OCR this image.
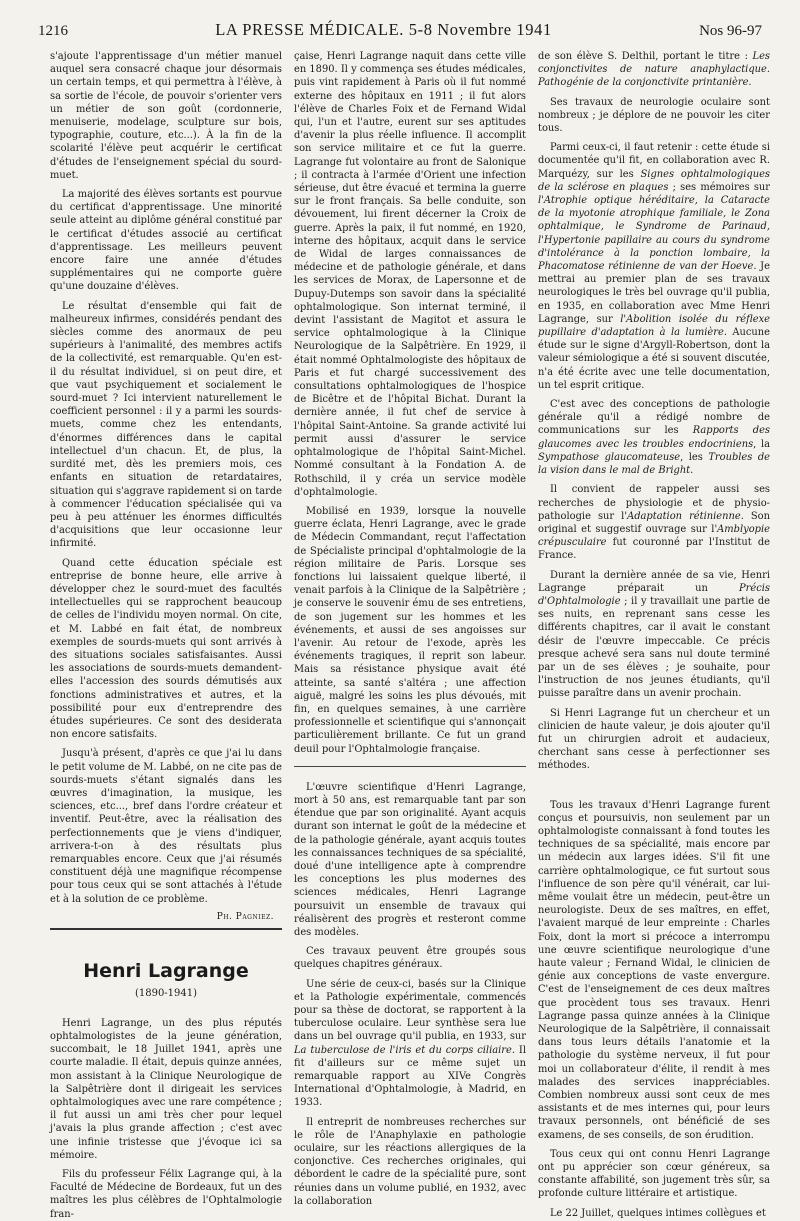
1216	LA PRESSE MÉDICALE. 5-8 Novembre 1941	Nos 96-97

s'ajoute l'apprentissage d'un métier manuel auquel sera consacré chaque jour désormais un certain temps, et qui permettra à l'élève, à sa sortie de l'école, de pouvoir s'orienter vers un métier de son goût (cordonnerie, menuiserie, modelage, sculpture sur bois, typographie, couture, etc...). À la fin de la scolarité l'élève peut acquérir le certificat d'études de l'enseignement spécial du sourd-muet.

La majorité des élèves sortants est pourvue du certificat d'apprentissage. Une minorité seule atteint au diplôme général constitué par le certificat d'études associé au certificat d'apprentissage. Les meilleurs peuvent encore faire une année d'études supplémentaires qui ne comporte guère qu'une douzaine d'élèves.

Le résultat d'ensemble qui fait de malheureux infirmes, considérés pendant des siècles comme des anormaux de peu supérieurs à l'animalité, des membres actifs de la collectivité, est remarquable. Qu'en est-il du résultat individuel, si on peut dire, et que vaut psychiquement et socialement le sourd-muet ? Ici intervient naturellement le coefficient personnel : il y a parmi les sourds-muets, comme chez les entendants, d'énormes différences dans le capital intellectuel d'un chacun. Et, de plus, la surdité met, dès les premiers mois, ces enfants en situation de retardataires, situation qui s'aggrave rapidement si on tarde à commencer l'éducation spécialisée qui va peu à peu atténuer les énormes difficultés d'acquisitions que leur occasionne leur infirmité.

Quand cette éducation spéciale est entreprise de bonne heure, elle arrive à développer chez le sourd-muet des facultés intellectuelles qui se rapprochent beaucoup de celles de l'individu moyen normal. On cite, et M. Labbé en fait état, de nombreux exemples de sourds-muets qui sont arrivés à des situations sociales satisfaisantes. Aussi les associations de sourds-muets demandent-elles l'accession des sourds démutisés aux fonctions administratives et autres, et la possibilité pour eux d'entreprendre des études supérieures. Ce sont des desiderata non encore satisfaits.

Jusqu'à présent, d'après ce que j'ai lu dans le petit volume de M. Labbé, on ne cite pas de sourds-muets s'étant signalés dans les œuvres d'imagination, la musique, les sciences, etc..., bref dans l'ordre créateur et inventif. Peut-être, avec la réalisation des perfectionnements que je viens d'indiquer, arrivera-t-on à des résultats plus remarquables encore. Ceux que j'ai résumés constituent déjà une magnifique récompense pour tous ceux qui se sont attachés à l'étude et à la solution de ce problème.

Ph. Pagniez.
Henri Lagrange
(1890-1941)

Henri Lagrange, un des plus réputés ophtalmologistes de la jeune génération, succombait, le 18 Juillet 1941, après une courte maladie. Il était, depuis quinze années, mon assistant à la Clinique Neurologique de la Salpêtrière dont il dirigeait les services ophtalmologiques avec une rare compétence ; il fut aussi un ami très cher pour lequel j'avais la plus grande affection ; c'est avec une infinie tristesse que j'évoque ici sa mémoire.

Fils du professeur Félix Lagrange qui, à la Faculté de Médecine de Bordeaux, fut un des maîtres les plus célèbres de l'Ophtalmologie fran-

çaise, Henri Lagrange naquit dans cette ville en 1890. Il y commença ses études médicales, puis vint rapidement à Paris où il fut nommé externe des hôpitaux en 1911 ; il fut alors l'élève de Charles Foix et de Fernand Widal qui, l'un et l'autre, eurent sur ses aptitudes d'avenir la plus réelle influence. Il accomplit son service militaire et ce fut la guerre. Lagrange fut volontaire au front de Salonique ; il contracta à l'armée d'Orient une infection sérieuse, dut être évacué et termina la guerre sur le front français. Sa belle conduite, son dévouement, lui firent décerner la Croix de guerre. Après la paix, il fut nommé, en 1920, interne des hôpitaux, acquit dans le service de Widal de larges connaissances de médecine et de pathologie générale, et dans les services de Morax, de Lapersonne et de Dupuy-Dutemps son savoir dans la spécialité ophtalmologique. Son internat terminé, il devint l'assistant de Magitot et assura le service ophtalmologique à la Clinique Neurologique de la Salpêtrière. En 1929, il était nommé Ophtalmologiste des hôpitaux de Paris et fut chargé successivement des consultations ophtalmologiques de l'hospice de Bicêtre et de l'hôpital Bichat. Durant la dernière année, il fut chef de service à l'hôpital Saint-Antoine. Sa grande activité lui permit aussi d'assurer le service ophtalmologique de l'hôpital Saint-Michel. Nommé consultant à la Fondation A. de Rothschild, il y créa un service modèle d'ophtalmologie.

Mobilisé en 1939, lorsque la nouvelle guerre éclata, Henri Lagrange, avec le grade de Médecin Commandant, reçut l'affectation de Spécialiste principal d'ophtalmologie de la région militaire de Paris. Lorsque ses fonctions lui laissaient quelque liberté, il venait parfois à la Clinique de la Salpêtrière ; je conserve le souvenir ému de ses entretiens, de son jugement sur les hommes et les événements, et aussi de ses angoisses sur l'avenir. Au retour de l'exode, après les événements tragiques, il reprit son labeur. Mais sa résistance physique avait été atteinte, sa santé s'altéra ; une affection aiguë, malgré les soins les plus dévoués, mit fin, en quelques semaines, à une carrière professionnelle et scientifique qui s'annonçait particulièrement brillante. Ce fut un grand deuil pour l'Ophtalmologie française.

L'œuvre scientifique d'Henri Lagrange, mort à 50 ans, est remarquable tant par son étendue que par son originalité. Ayant acquis durant son internat le goût de la médecine et de la pathologie générale, ayant acquis toutes les connaissances techniques de sa spécialité, doué d'une intelligence apte à comprendre les conceptions les plus modernes des sciences médicales, Henri Lagrange poursuivit un ensemble de travaux qui réalisèrent des progrès et resteront comme des modèles.

Ces travaux peuvent être groupés sous quelques chapitres généraux.

Une série de ceux-ci, basés sur la Clinique et la Pathologie expérimentale, commencés pour sa thèse de doctorat, se rapportent à la tuberculose oculaire. Leur synthèse sera lue dans un bel ouvrage qu'il publia, en 1933, sur La tuberculose de l'iris et du corps ciliaire. Il fit d'ailleurs sur ce même sujet un remarquable rapport au XIVe Congrès International d'Ophtalmologie, à Madrid, en 1933.

Il entreprit de nombreuses recherches sur le rôle de l'Anaphylaxie en pathologie oculaire, sur les réactions allergiques de la conjonctive. Ces recherches originales, qui débordent le cadre de la spécialité pure, sont réunies dans un volume publié, en 1932, avec la collaboration

de son élève S. Delthil, portant le titre : Les conjonctivites de nature anaphylactique. Pathogénie de la conjonctivite printanière.

Ses travaux de neurologie oculaire sont nombreux ; je déplore de ne pouvoir les citer tous.

Parmi ceux-ci, il faut retenir : cette étude si documentée qu'il fit, en collaboration avec R. Marquézy, sur les Signes ophtalmologiques de la sclérose en plaques ; ses mémoires sur l'Atrophie optique héréditaire, la Cataracte de la myotonie atrophique familiale, le Zona ophtalmique, le Syndrome de Parinaud, l'Hypertonie papillaire au cours du syndrome d'intolérance à la ponction lombaire, la Phacomatose rétinienne de van der Hoeve. Je mettrai au premier plan de ses travaux neurologiques le très bel ouvrage qu'il publia, en 1935, en collaboration avec Mme Henri Lagrange, sur l'Abolition isolée du réflexe pupillaire d'adaptation à la lumière. Aucune étude sur le signe d'Argyll-Robertson, dont la valeur sémiologique a été si souvent discutée, n'a été écrite avec une telle documentation, un tel esprit critique.

C'est avec des conceptions de pathologie générale qu'il a rédigé nombre de communications sur les Rapports des glaucomes avec les troubles endocriniens, la Sympathose glaucomateuse, les Troubles de la vision dans le mal de Bright.

Il convient de rappeler aussi ses recherches de physiologie et de physio-pathologie sur l'Adaptation rétinienne. Son original et suggestif ouvrage sur l'Amblyopie crépusculaire fut couronné par l'Institut de France.

Durant la dernière année de sa vie, Henri Lagrange préparait un Précis d'Ophtalmologie ; il y travaillait une partie de ses nuits, en reprenant sans cesse les différents chapitres, car il avait le constant désir de l'œuvre impeccable. Ce précis presque achevé sera sans nul doute terminé par un de ses élèves ; je souhaite, pour l'instruction de nos jeunes étudiants, qu'il puisse paraître dans un avenir prochain.

Si Henri Lagrange fut un chercheur et un clinicien de haute valeur, je dois ajouter qu'il fut un chirurgien adroit et audacieux, cherchant sans cesse à perfectionner ses méthodes.

Tous les travaux d'Henri Lagrange furent conçus et poursuivis, non seulement par un ophtalmologiste connaissant à fond toutes les techniques de sa spécialité, mais encore par un médecin aux larges idées. S'il fit une carrière ophtalmologique, ce fut surtout sous l'influence de son père qu'il vénérait, car lui-même voulait être un médecin, peut-être un neurologiste. Deux de ses maîtres, en effet, l'avaient marqué de leur empreinte : Charles Foix, dont la mort si précoce a interrompu une œuvre scientifique neurologique d'une haute valeur ; Fernand Widal, le clinicien de génie aux conceptions de vaste envergure. C'est de l'enseignement de ces deux maîtres que procèdent tous ses travaux. Henri Lagrange passa quinze années à la Clinique Neurologique de la Salpêtrière, il connaissait dans tous leurs détails l'anatomie et la pathologie du système nerveux, il fut pour moi un collaborateur d'élite, il rendit à mes malades des services inappréciables. Combien nombreux aussi sont ceux de mes assistants et de mes internes qui, pour leurs travaux personnels, ont bénéficié de ses examens, de ses conseils, de son érudition.

Tous ceux qui ont connu Henri Lagrange ont pu apprécier son cœur généreux, sa constante affabilité, son jugement très sûr, sa profonde culture littéraire et artistique.

Le 22 Juillet, quelques intimes collègues et
